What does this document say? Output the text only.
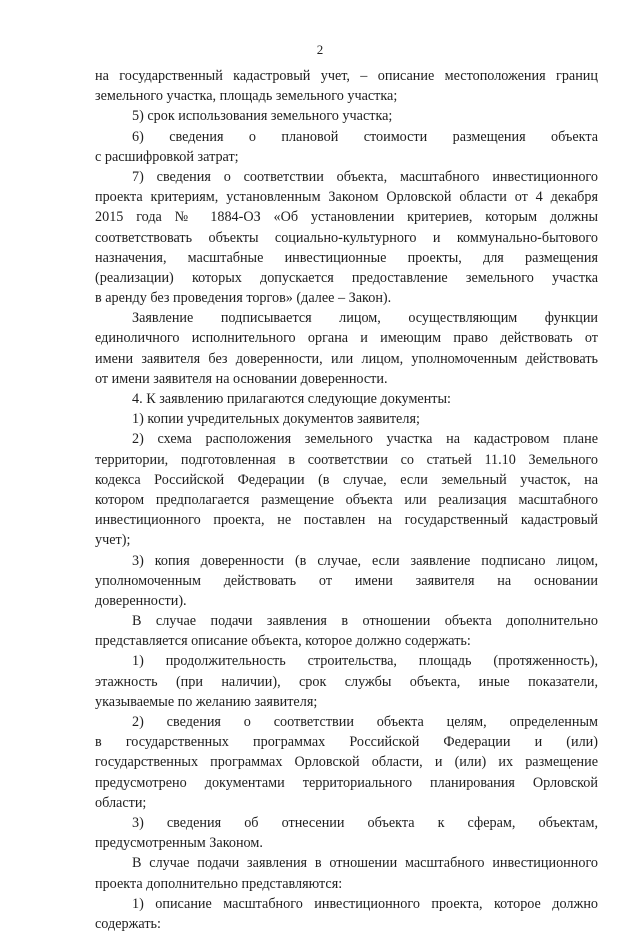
2
на государственный кадастровый учет, – описание местоположения границ
земельного участка, площадь земельного участка;
5) срок использования земельного участка;
6) сведения о плановой стоимости размещения объекта
с расшифровкой затрат;
7) сведения о соответствии объекта, масштабного инвестиционного
проекта критериям, установленным Законом Орловской области от 4 декабря
2015 года № 1884-ОЗ «Об установлении критериев, которым должны
соответствовать объекты социально-культурного и коммунально-бытового
назначения, масштабные инвестиционные проекты, для размещения
(реализации) которых допускается предоставление земельного участка
в аренду без проведения торгов» (далее – Закон).
Заявление подписывается лицом, осуществляющим функции
единоличного исполнительного органа и имеющим право действовать от
имени заявителя без доверенности, или лицом, уполномоченным действовать
от имени заявителя на основании доверенности.
4. К заявлению прилагаются следующие документы:
1) копии учредительных документов заявителя;
2) схема расположения земельного участка на кадастровом плане
территории, подготовленная в соответствии со статьей 11.10 Земельного
кодекса Российской Федерации (в случае, если земельный участок, на
котором предполагается размещение объекта или реализация масштабного
инвестиционного проекта, не поставлен на государственный кадастровый
учет);
3) копия доверенности (в случае, если заявление подписано лицом,
уполномоченным действовать от имени заявителя на основании
доверенности).
В случае подачи заявления в отношении объекта дополнительно
представляется описание объекта, которое должно содержать:
1) продолжительность строительства, площадь (протяженность),
этажность (при наличии), срок службы объекта, иные показатели,
указываемые по желанию заявителя;
2) сведения о соответствии объекта целям, определенным
в государственных программах Российской Федерации и (или)
государственных программах Орловской области, и (или) их размещение
предусмотрено документами территориального планирования Орловской
области;
3) сведения об отнесении объекта к сферам, объектам,
предусмотренным Законом.
В случае подачи заявления в отношении масштабного инвестиционного
проекта дополнительно представляются:
1) описание масштабного инвестиционного проекта, которое должно
содержать:
